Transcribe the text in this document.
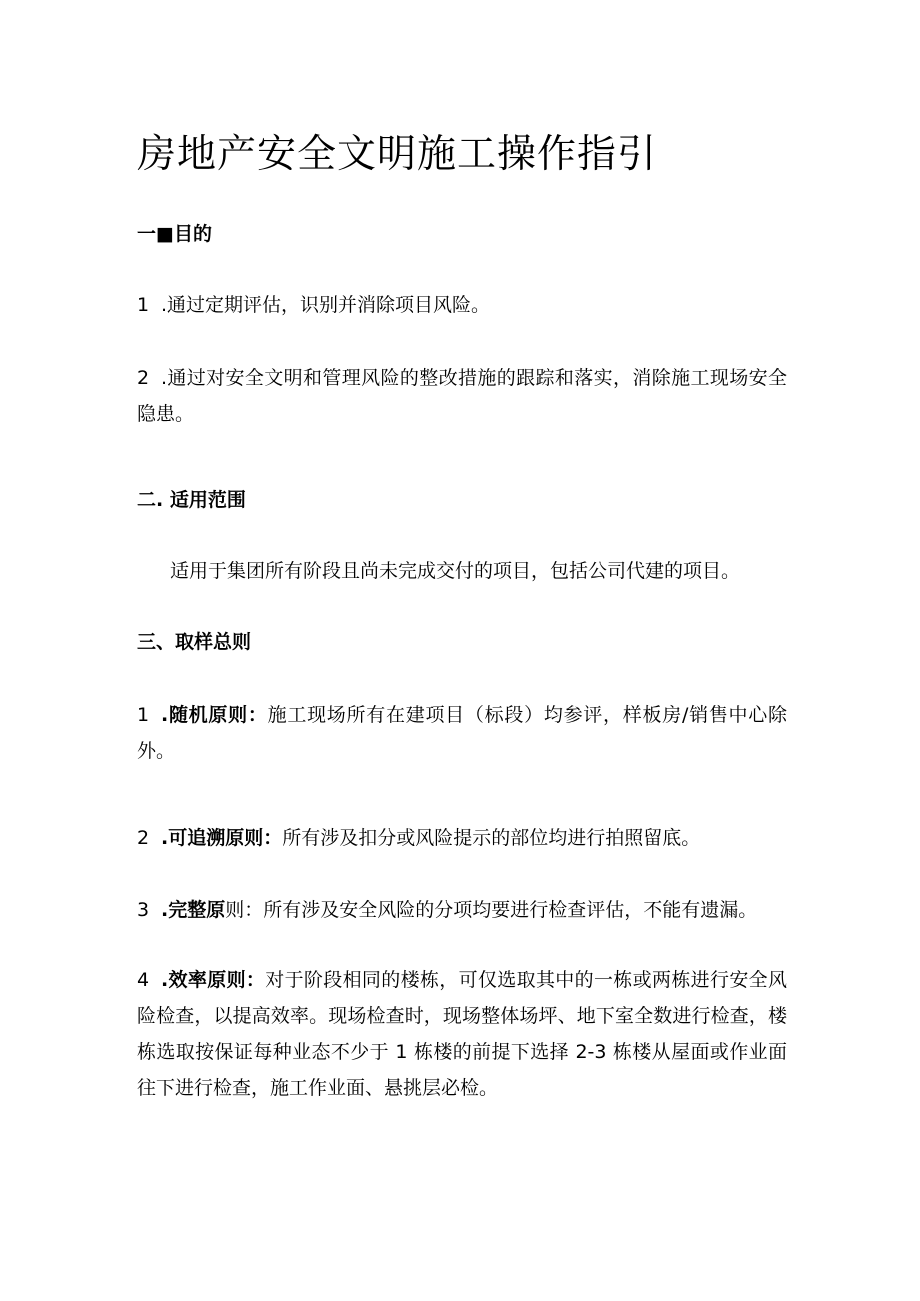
房地产安全文明施工操作指引
一■目的

1 .通过定期评估，识别并消除项目风险。

2 .通过对安全文明和管理风险的整改措施的跟踪和落实，消除施工现场安全隐患。

二. 适用范围

适用于集团所有阶段且尚未完成交付的项目，包括公司代建的项目。

三、取样总则

1 .随机原则：施工现场所有在建项目（标段）均参评，样板房/销售中心除外。

2 .可追溯原则：所有涉及扣分或风险提示的部位均进行拍照留底。

3 .完整原则：所有涉及安全风险的分项均要进行检查评估，不能有遗漏。

4 .效率原则：对于阶段相同的楼栋，可仅选取其中的一栋或两栋进行安全风险检查，以提高效率。现场检查时，现场整体场坪、地下室全数进行检查，楼栋选取按保证每种业态不少于 1 栋楼的前提下选择 2-3 栋楼从屋面或作业面往下进行检查，施工作业面、悬挑层必检。
